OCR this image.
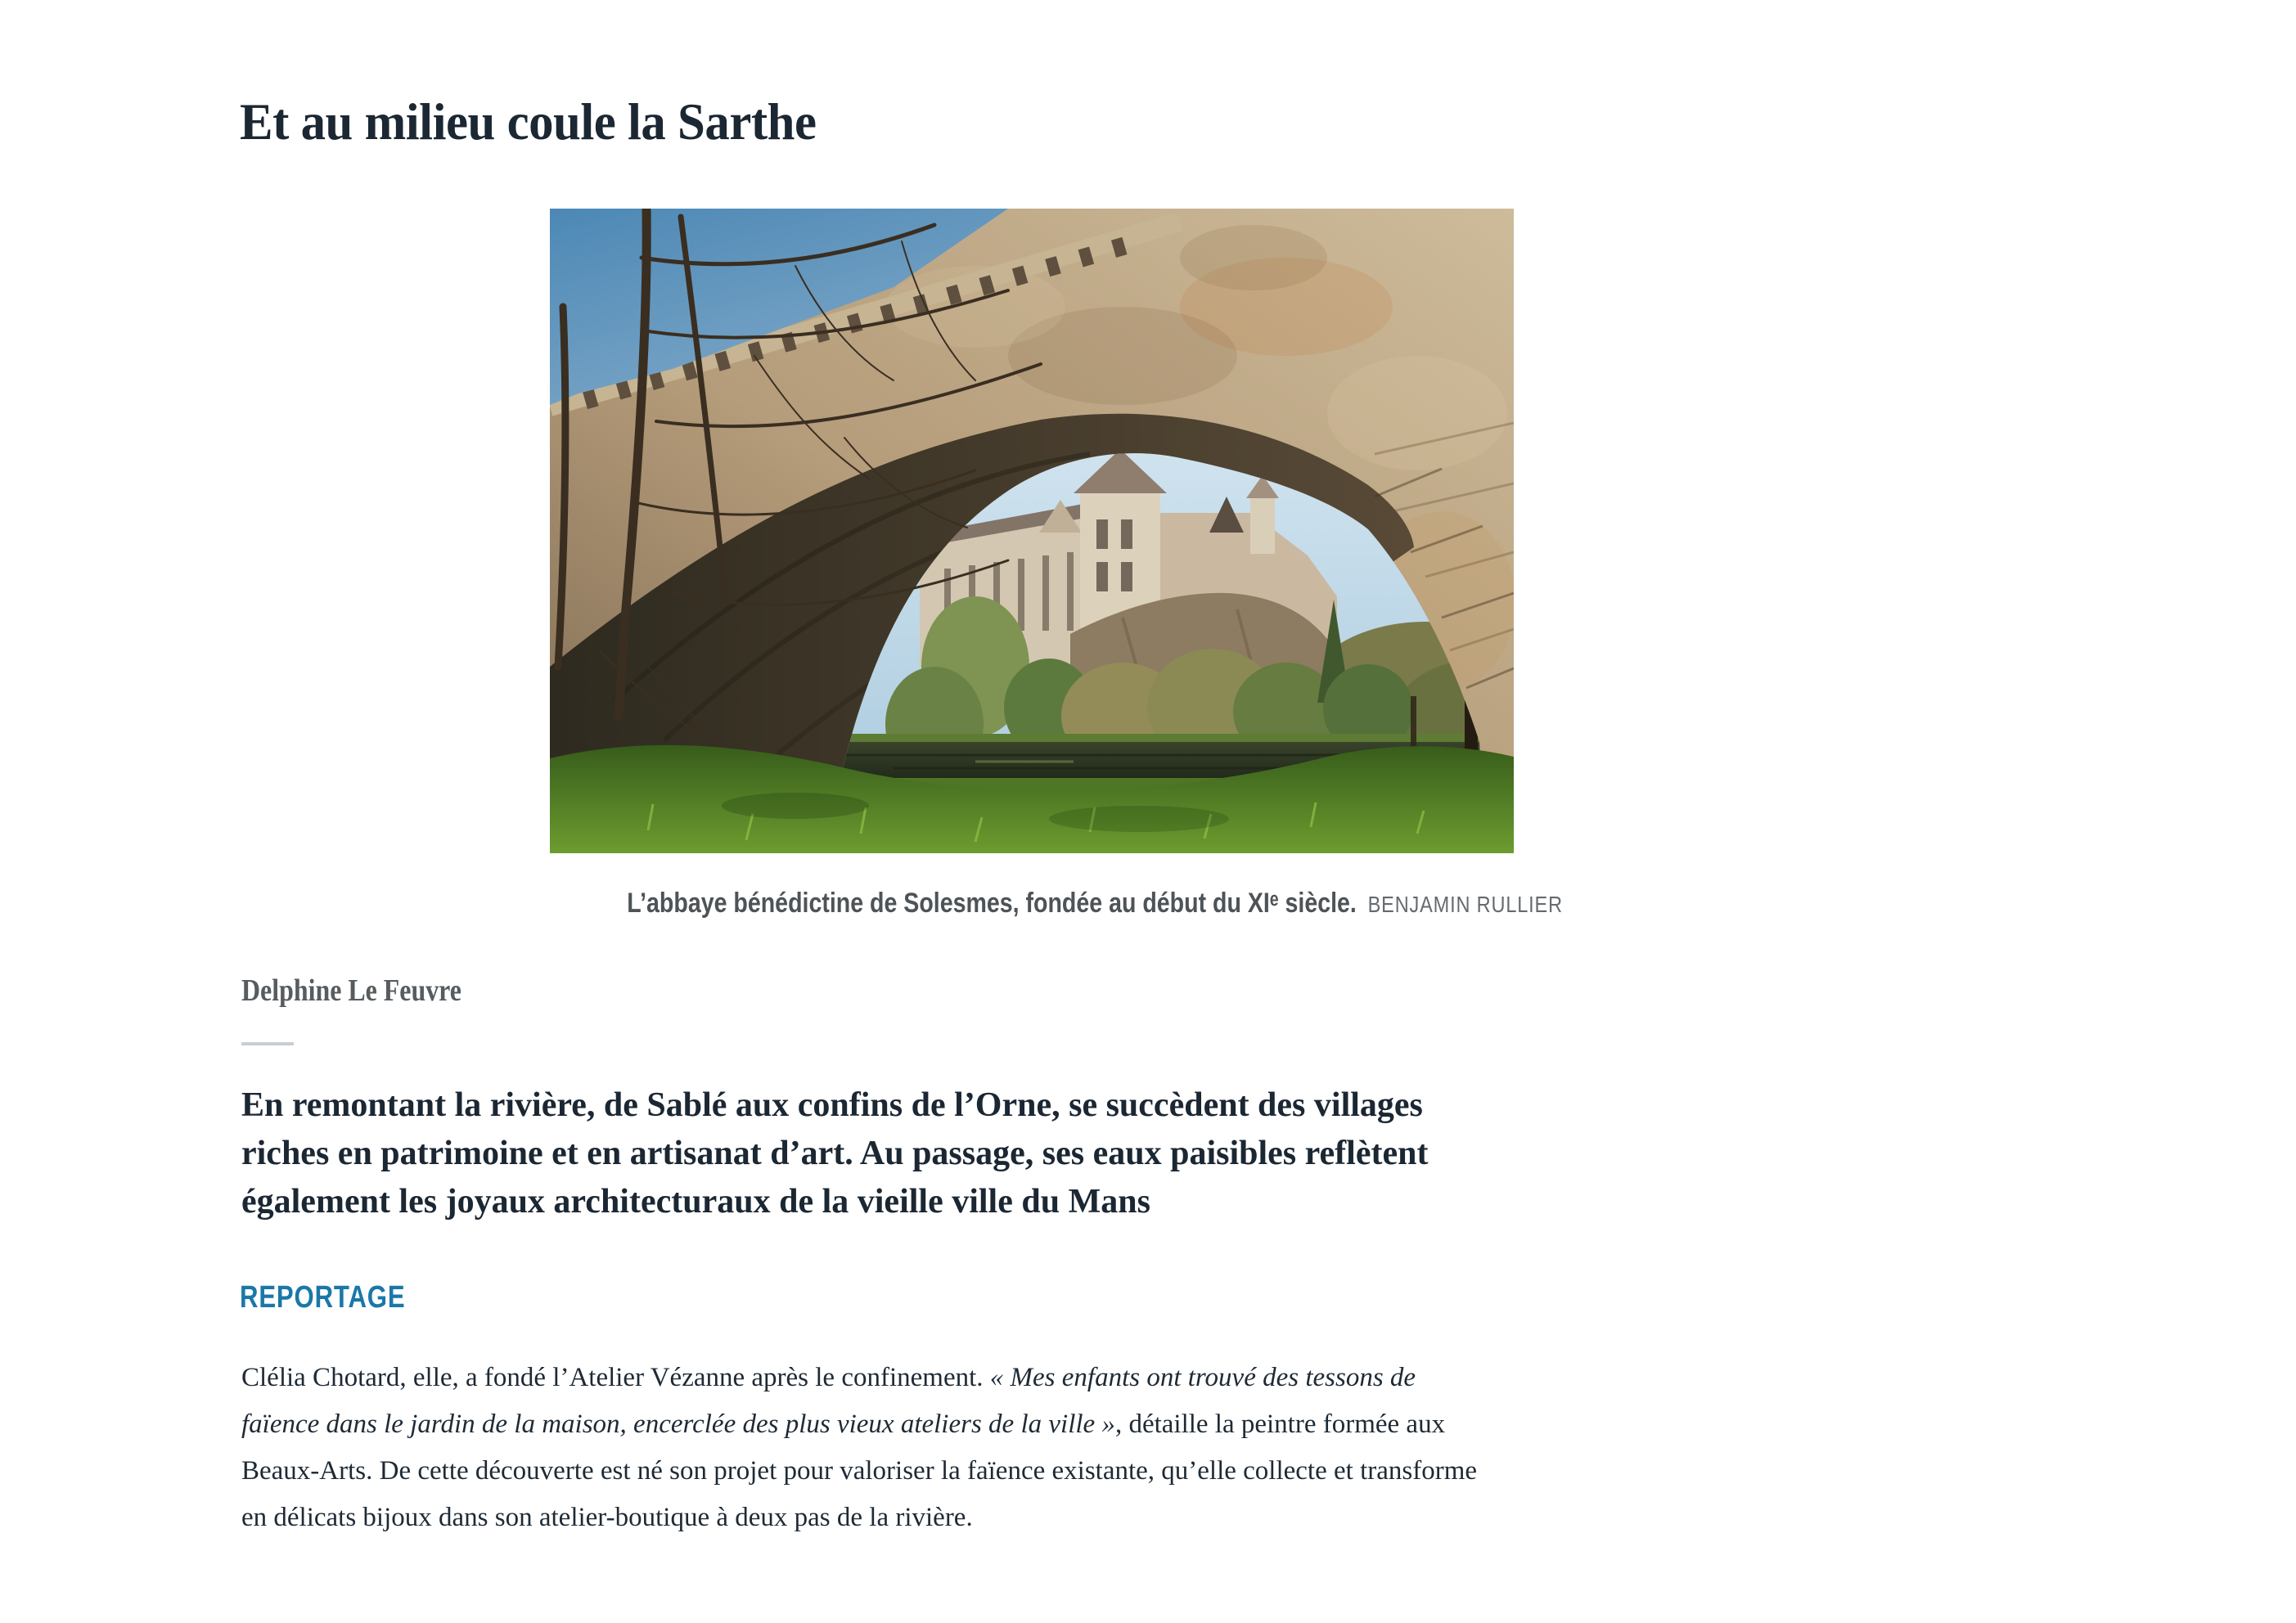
Et au milieu coule la Sarthe
L’abbaye bénédictine de Solesmes, fondée au début du XIᵉ siècle. BENJAMIN RULLIER
Delphine Le Feuvre
En remontant la rivière, de Sablé aux confins de l’Orne, se succèdent des villages
riches en patrimoine et en artisanat d’art. Au passage, ses eaux paisibles reflètent
également les joyaux architecturaux de la vieille ville du Mans
REPORTAGE

Clélia Chotard, elle, a fondé l’Atelier Vézanne après le confinement. « Mes enfants ont trouvé des tessons de

faïence dans le jardin de la maison, encerclée des plus vieux ateliers de la ville », détaille la peintre formée aux

Beaux-Arts. De cette découverte est né son projet pour valoriser la faïence existante, qu’elle collecte et transforme

en délicats bijoux dans son atelier-boutique à deux pas de la rivière.
